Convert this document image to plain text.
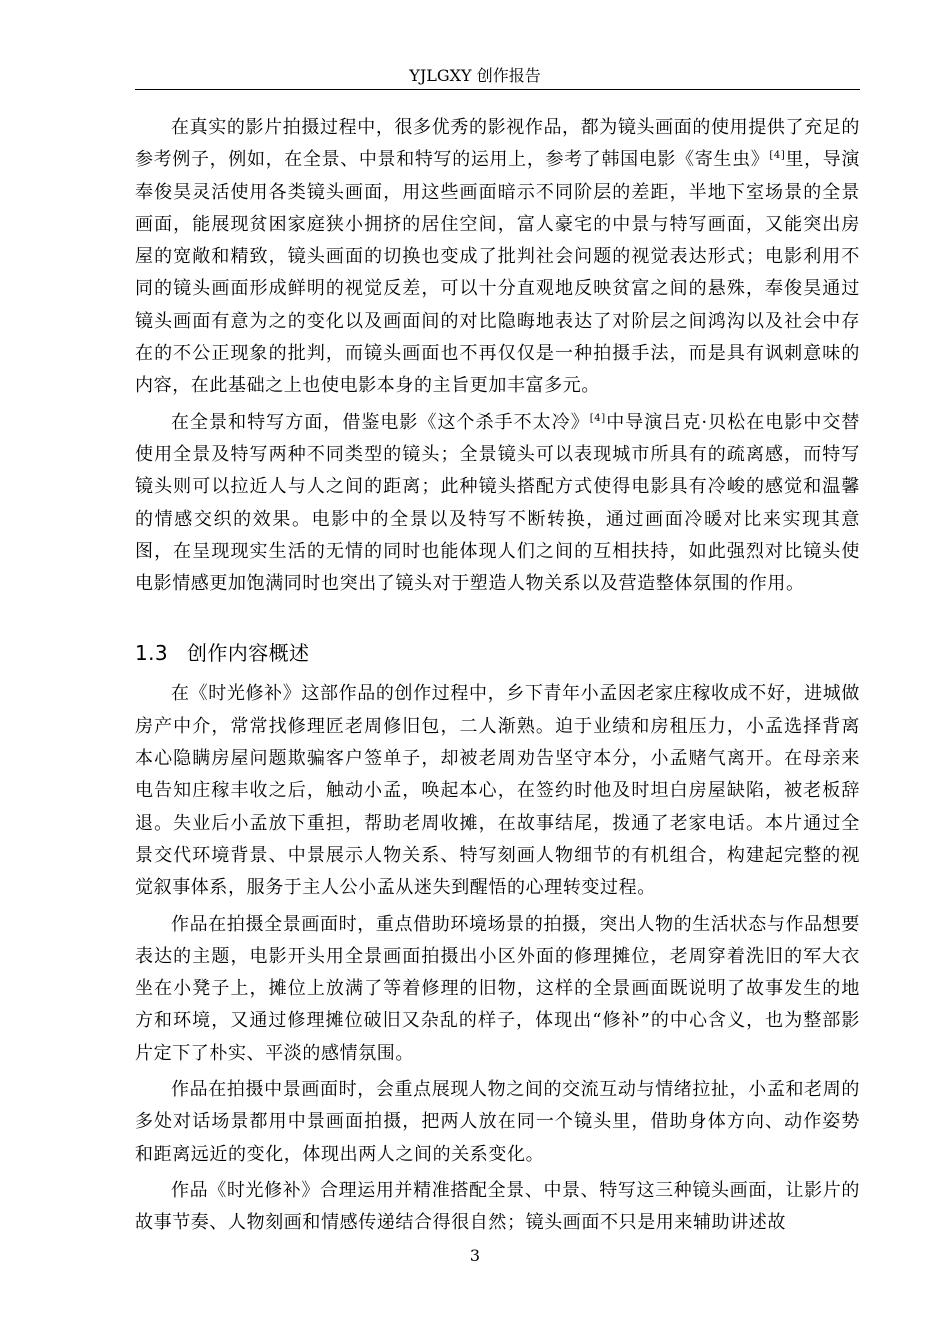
YJLGXY 创作报告

在真实的影片拍摄过程中，很多优秀的影视作品，都为镜头画面的使用提供了充足的参考例子，例如，在全景、中景和特写的运用上，参考了韩国电影《寄生虫》[4]里，导演奉俊昊灵活使用各类镜头画面，用这些画面暗示不同阶层的差距，半地下室场景的全景画面，能展现贫困家庭狭小拥挤的居住空间，富人豪宅的中景与特写画面，又能突出房屋的宽敞和精致，镜头画面的切换也变成了批判社会问题的视觉表达形式；电影利用不同的镜头画面形成鲜明的视觉反差，可以十分直观地反映贫富之间的悬殊，奉俊昊通过镜头画面有意为之的变化以及画面间的对比隐晦地表达了对阶层之间鸿沟以及社会中存在的不公正现象的批判，而镜头画面也不再仅仅是一种拍摄手法，而是具有讽刺意味的内容，在此基础之上也使电影本身的主旨更加丰富多元。

在全景和特写方面，借鉴电影《这个杀手不太冷》[4]中导演吕克·贝松在电影中交替使用全景及特写两种不同类型的镜头；全景镜头可以表现城市所具有的疏离感，而特写镜头则可以拉近人与人之间的距离；此种镜头搭配方式使得电影具有冷峻的感觉和温馨的情感交织的效果。电影中的全景以及特写不断转换，通过画面冷暖对比来实现其意图，在呈现现实生活的无情的同时也能体现人们之间的互相扶持，如此强烈对比镜头使电影情感更加饱满同时也突出了镜头对于塑造人物关系以及营造整体氛围的作用。

1.3 创作内容概述

在《时光修补》这部作品的创作过程中，乡下青年小孟因老家庄稼收成不好，进城做房产中介，常常找修理匠老周修旧包，二人渐熟。迫于业绩和房租压力，小孟选择背离本心隐瞒房屋问题欺骗客户签单子，却被老周劝告坚守本分，小孟赌气离开。在母亲来电告知庄稼丰收之后，触动小孟，唤起本心，在签约时他及时坦白房屋缺陷，被老板辞退。失业后小孟放下重担，帮助老周收摊，在故事结尾，拨通了老家电话。本片通过全景交代环境背景、中景展示人物关系、特写刻画人物细节的有机组合，构建起完整的视觉叙事体系，服务于主人公小孟从迷失到醒悟的心理转变过程。

作品在拍摄全景画面时，重点借助环境场景的拍摄，突出人物的生活状态与作品想要表达的主题，电影开头用全景画面拍摄出小区外面的修理摊位，老周穿着洗旧的军大衣坐在小凳子上，摊位上放满了等着修理的旧物，这样的全景画面既说明了故事发生的地方和环境，又通过修理摊位破旧又杂乱的样子，体现出“修补”的中心含义，也为整部影片定下了朴实、平淡的感情氛围。

作品在拍摄中景画面时，会重点展现人物之间的交流互动与情绪拉扯，小孟和老周的多处对话场景都用中景画面拍摄，把两人放在同一个镜头里，借助身体方向、动作姿势和距离远近的变化，体现出两人之间的关系变化。

作品《时光修补》合理运用并精准搭配全景、中景、特写这三种镜头画面，让影片的故事节奏、人物刻画和情感传递结合得很自然；镜头画面不只是用来辅助讲述故

3
